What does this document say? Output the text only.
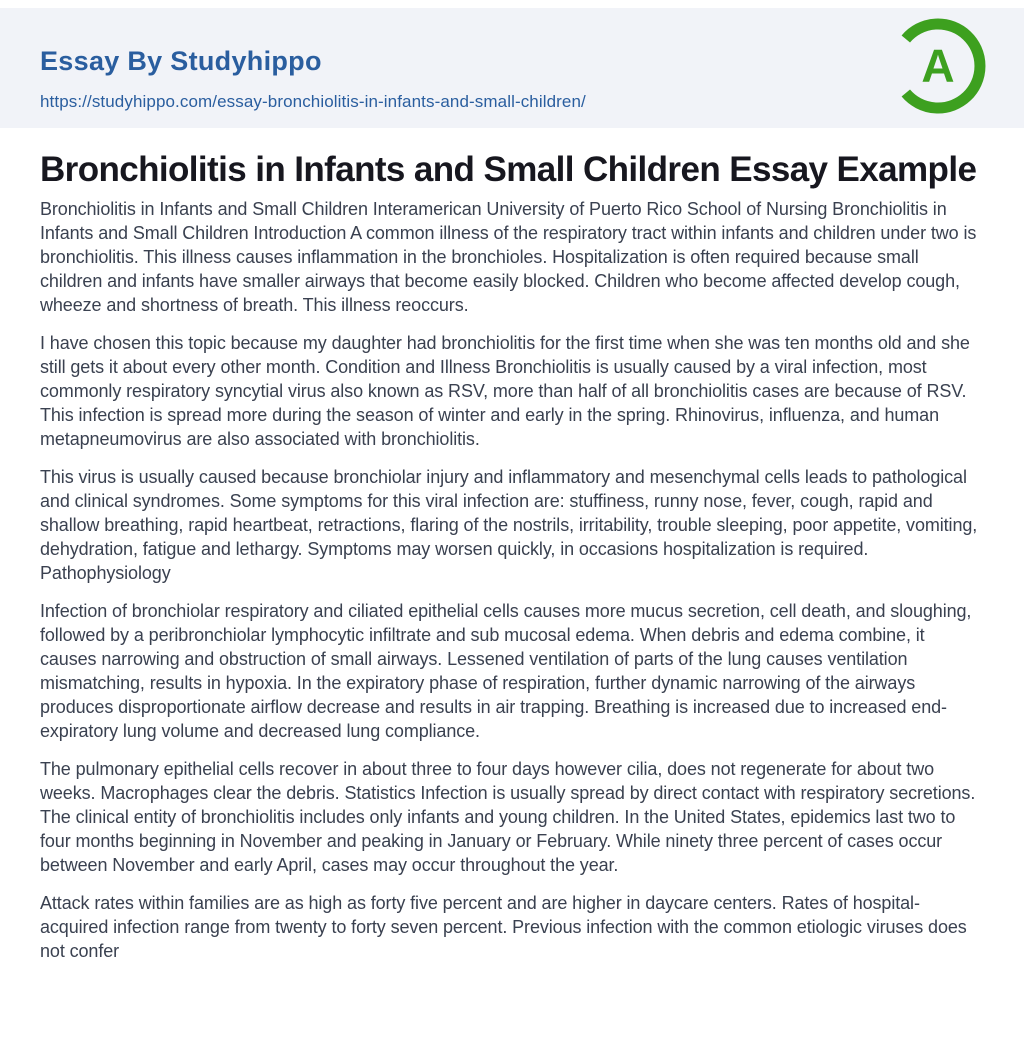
Essay By Studyhippo
https://studyhippo.com/essay-bronchiolitis-in-infants-and-small-children/
A
Bronchiolitis in Infants and Small Children Essay Example

Bronchiolitis in Infants and Small Children Interamerican University of Puerto Rico School of Nursing Bronchiolitis in Infants and Small Children Introduction A common illness of the respiratory tract within infants and children under two is bronchiolitis. This illness causes inflammation in the bronchioles. Hospitalization is often required because small children and infants have smaller airways that become easily blocked. Children who become affected develop cough, wheeze and shortness of breath. This illness reoccurs.

I have chosen this topic because my daughter had bronchiolitis for the first time when she was ten months old and she still gets it about every other month. Condition and Illness Bronchiolitis is usually caused by a viral infection, most commonly respiratory syncytial virus also known as RSV, more than half of all bronchiolitis cases are because of RSV. This infection is spread more during the season of winter and early in the spring. Rhinovirus, influenza, and human metapneumovirus are also associated with bronchiolitis.

This virus is usually caused because bronchiolar injury and inflammatory and mesenchymal cells leads to pathological and clinical syndromes. Some symptoms for this viral infection are: stuffiness, runny nose, fever, cough, rapid and shallow breathing, rapid heartbeat, retractions, flaring of the nostrils, irritability, trouble sleeping, poor appetite, vomiting, dehydration, fatigue and lethargy. Symptoms may worsen quickly, in occasions hospitalization is required. Pathophysiology

Infection of bronchiolar respiratory and ciliated epithelial cells causes more mucus secretion, cell death, and sloughing, followed by a peribronchiolar lymphocytic infiltrate and sub mucosal edema. When debris and edema combine, it causes narrowing and obstruction of small airways. Lessened ventilation of parts of the lung causes ventilation mismatching, results in hypoxia. In the expiratory phase of respiration, further dynamic narrowing of the airways produces disproportionate airflow decrease and results in air trapping. Breathing is increased due to increased end-expiratory lung volume and decreased lung compliance.

The pulmonary epithelial cells recover in about three to four days however cilia, does not regenerate for about two weeks. Macrophages clear the debris. Statistics Infection is usually spread by direct contact with respiratory secretions. The clinical entity of bronchiolitis includes only infants and young children. In the United States, epidemics last two to four months beginning in November and peaking in January or February. While ninety three percent of cases occur between November and early April, cases may occur throughout the year.

Attack rates within families are as high as forty five percent and are higher in daycare centers. Rates of hospital-acquired infection range from twenty to forty seven percent. Previous infection with the common etiologic viruses does not confer
